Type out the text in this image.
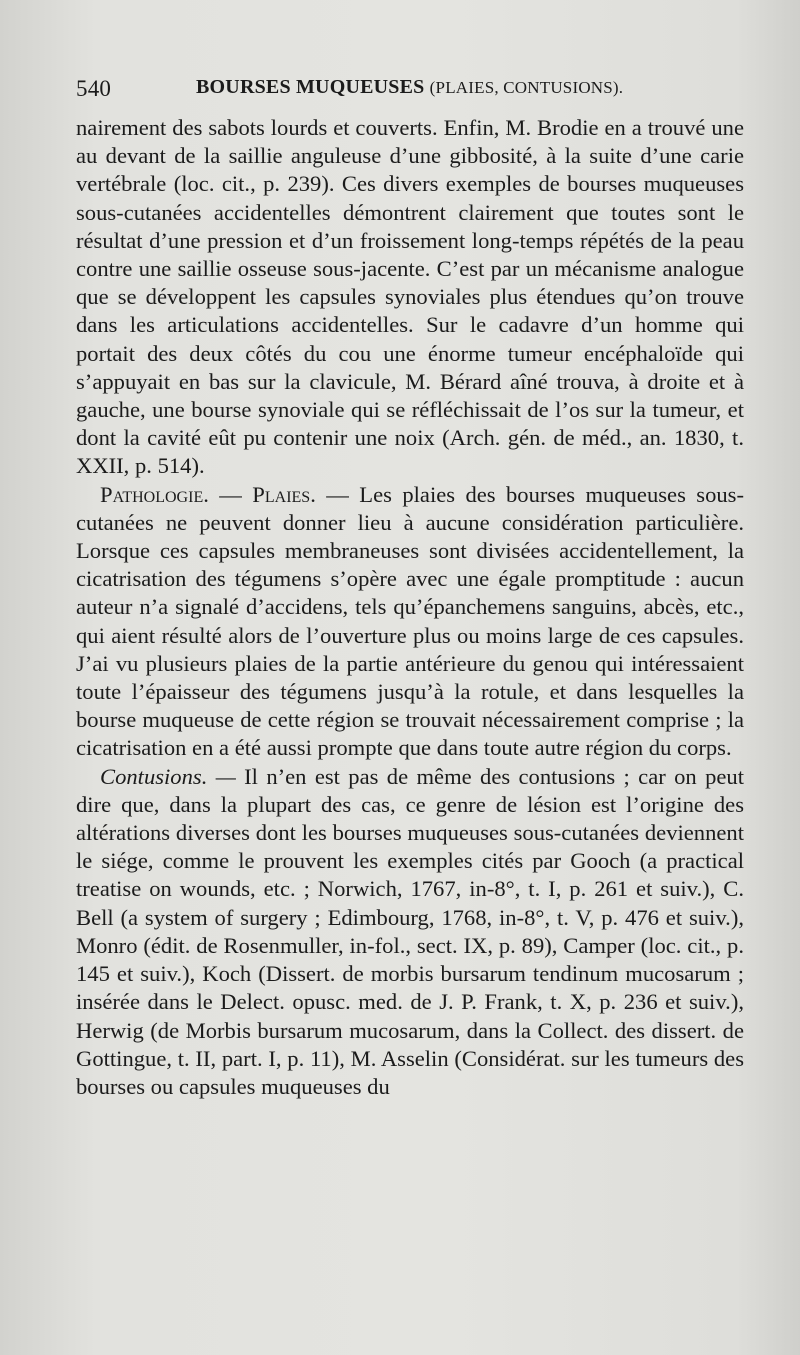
540	BOURSES MUQUEUSES (PLAIES, CONTUSIONS).

nairement des sabots lourds et couverts. Enfin, M. Brodie en a trouvé une au devant de la saillie anguleuse d’une gibbosité, à la suite d’une carie vertébrale (loc. cit., p. 239). Ces divers exemples de bourses muqueuses sous-cutanées accidentelles démontrent clairement que toutes sont le résultat d’une pression et d’un froissement long-temps répétés de la peau contre une saillie osseuse sous-jacente. C’est par un mécanisme analogue que se développent les capsules synoviales plus étendues qu’on trouve dans les articulations accidentelles. Sur le cadavre d’un homme qui portait des deux côtés du cou une énorme tumeur encéphaloïde qui s’appuyait en bas sur la clavicule, M. Bérard aîné trouva, à droite et à gauche, une bourse synoviale qui se réfléchissait de l’os sur la tumeur, et dont la cavité eût pu contenir une noix (Arch. gén. de méd., an. 1830, t. XXII, p. 514).

Pathologie. — Plaies. — Les plaies des bourses muqueuses sous-cutanées ne peuvent donner lieu à aucune considération particulière. Lorsque ces capsules membraneuses sont divisées accidentellement, la cicatrisation des tégumens s’opère avec une égale promptitude : aucun auteur n’a signalé d’accidens, tels qu’épanchemens sanguins, abcès, etc., qui aient résulté alors de l’ouverture plus ou moins large de ces capsules. J’ai vu plusieurs plaies de la partie antérieure du genou qui intéressaient toute l’épaisseur des tégumens jusqu’à la rotule, et dans lesquelles la bourse muqueuse de cette région se trouvait nécessairement comprise ; la cicatrisation en a été aussi prompte que dans toute autre région du corps.

Contusions. — Il n’en est pas de même des contusions ; car on peut dire que, dans la plupart des cas, ce genre de lésion est l’origine des altérations diverses dont les bourses muqueuses sous-cutanées deviennent le siége, comme le prouvent les exemples cités par Gooch (a practical treatise on wounds, etc. ; Norwich, 1767, in-8°, t. I, p. 261 et suiv.), C. Bell (a system of surgery ; Edimbourg, 1768, in-8°, t. V, p. 476 et suiv.), Monro (édit. de Rosenmuller, in-fol., sect. IX, p. 89), Camper (loc. cit., p. 145 et suiv.), Koch (Dissert. de morbis bursarum tendinum mucosarum ; insérée dans le Delect. opusc. med. de J. P. Frank, t. X, p. 236 et suiv.), Herwig (de Morbis bursarum mucosarum, dans la Collect. des dissert. de Gottingue, t. II, part. I, p. 11), M. Asselin (Considérat. sur les tumeurs des bourses ou capsules muqueuses du
